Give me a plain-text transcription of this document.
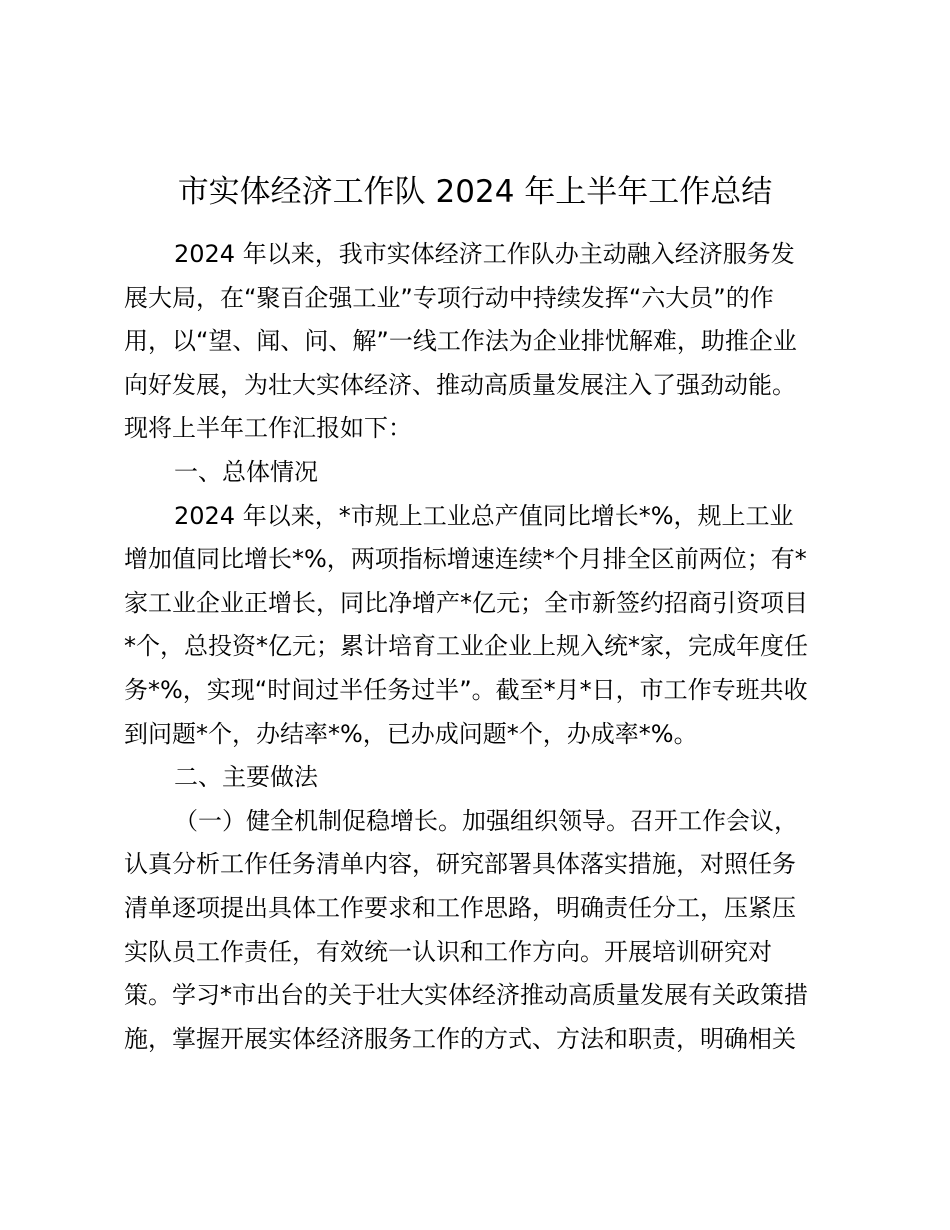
市实体经济工作队 2024 年上半年工作总结
2024 年以来，我市实体经济工作队办主动融入经济服务发
展大局，在“聚百企强工业”专项行动中持续发挥“六大员”的作
用，以“望、闻、问、解”一线工作法为企业排忧解难，助推企业
向好发展，为壮大实体经济、推动高质量发展注入了强劲动能。
现将上半年工作汇报如下：
一、总体情况
2024 年以来，*市规上工业总产值同比增长*%，规上工业
增加值同比增长*%，两项指标增速连续*个月排全区前两位；有*
家工业企业正增长，同比净增产*亿元；全市新签约招商引资项目
*个，总投资*亿元；累计培育工业企业上规入统*家，完成年度任
务*%，实现“时间过半任务过半”。截至*月*日，市工作专班共收
到问题*个，办结率*%，已办成问题*个，办成率*%。
二、主要做法
（一）健全机制促稳增长。加强组织领导。召开工作会议，
认真分析工作任务清单内容，研究部署具体落实措施，对照任务
清单逐项提出具体工作要求和工作思路，明确责任分工，压紧压
实队员工作责任，有效统一认识和工作方向。开展培训研究对
策。学习*市出台的关于壮大实体经济推动高质量发展有关政策措
施，掌握开展实体经济服务工作的方式、方法和职责，明确相关
